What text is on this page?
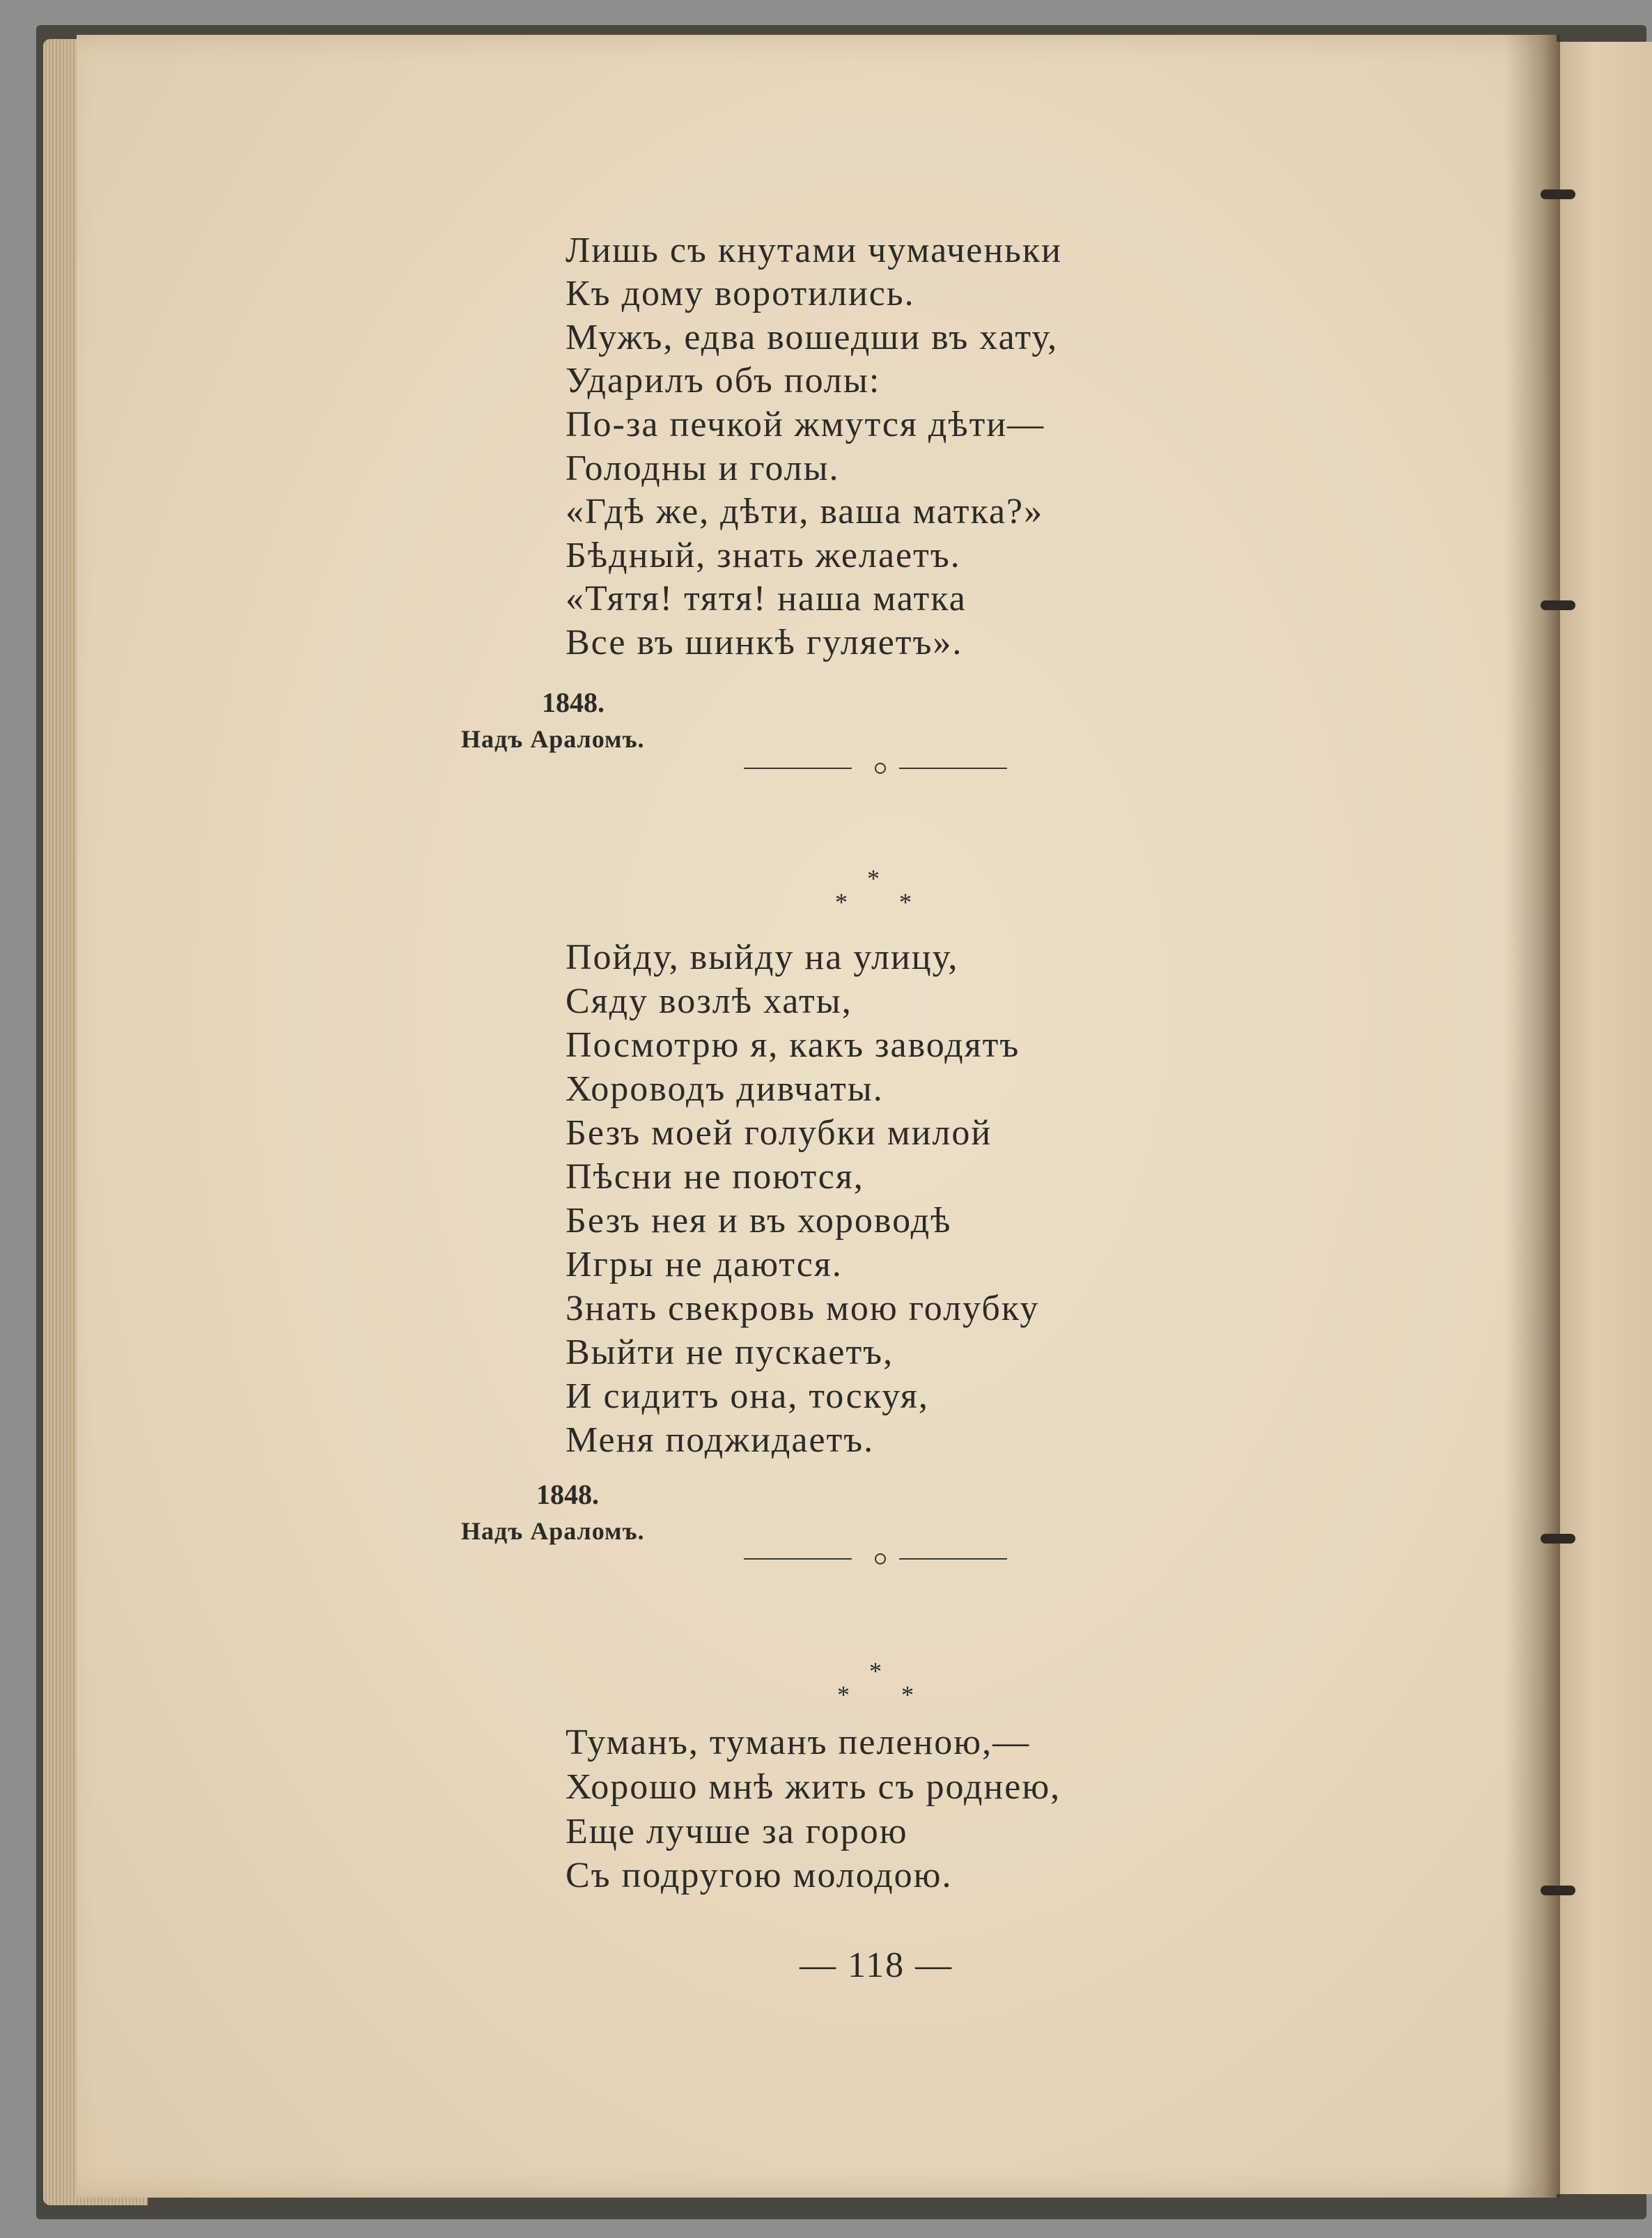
Лишь съ кнутами чумаченьки
Къ дому воротились.
Мужъ, едва вошедши въ хату,
Ударилъ объ полы:
По-за печкой жмутся дѣти—
Голодны и голы.
«Гдѣ же, дѣти, ваша матка?»
Бѣдный, знать желаетъ.
«Тятя! тятя! наша матка
Все въ шинкѣ гуляетъ».
1848.
Надъ Араломъ.
*
* *
Пойду, выйду на улицу,
Сяду возлѣ хаты,
Посмотрю я, какъ заводятъ
Хороводъ дивчаты.
Безъ моей голубки милой
Пѣсни не поются,
Безъ нея и въ хороводѣ
Игры не даются.
Знать свекровь мою голубку
Выйти не пускаетъ,
И сидитъ она, тоскуя,
Меня поджидаетъ.
1848.
Надъ Араломъ.
*
* *
Туманъ, туманъ пеленою,—
Хорошо мнѣ жить съ роднею,
Еще лучше за горою
Съ подругою молодою.
— 118 —
